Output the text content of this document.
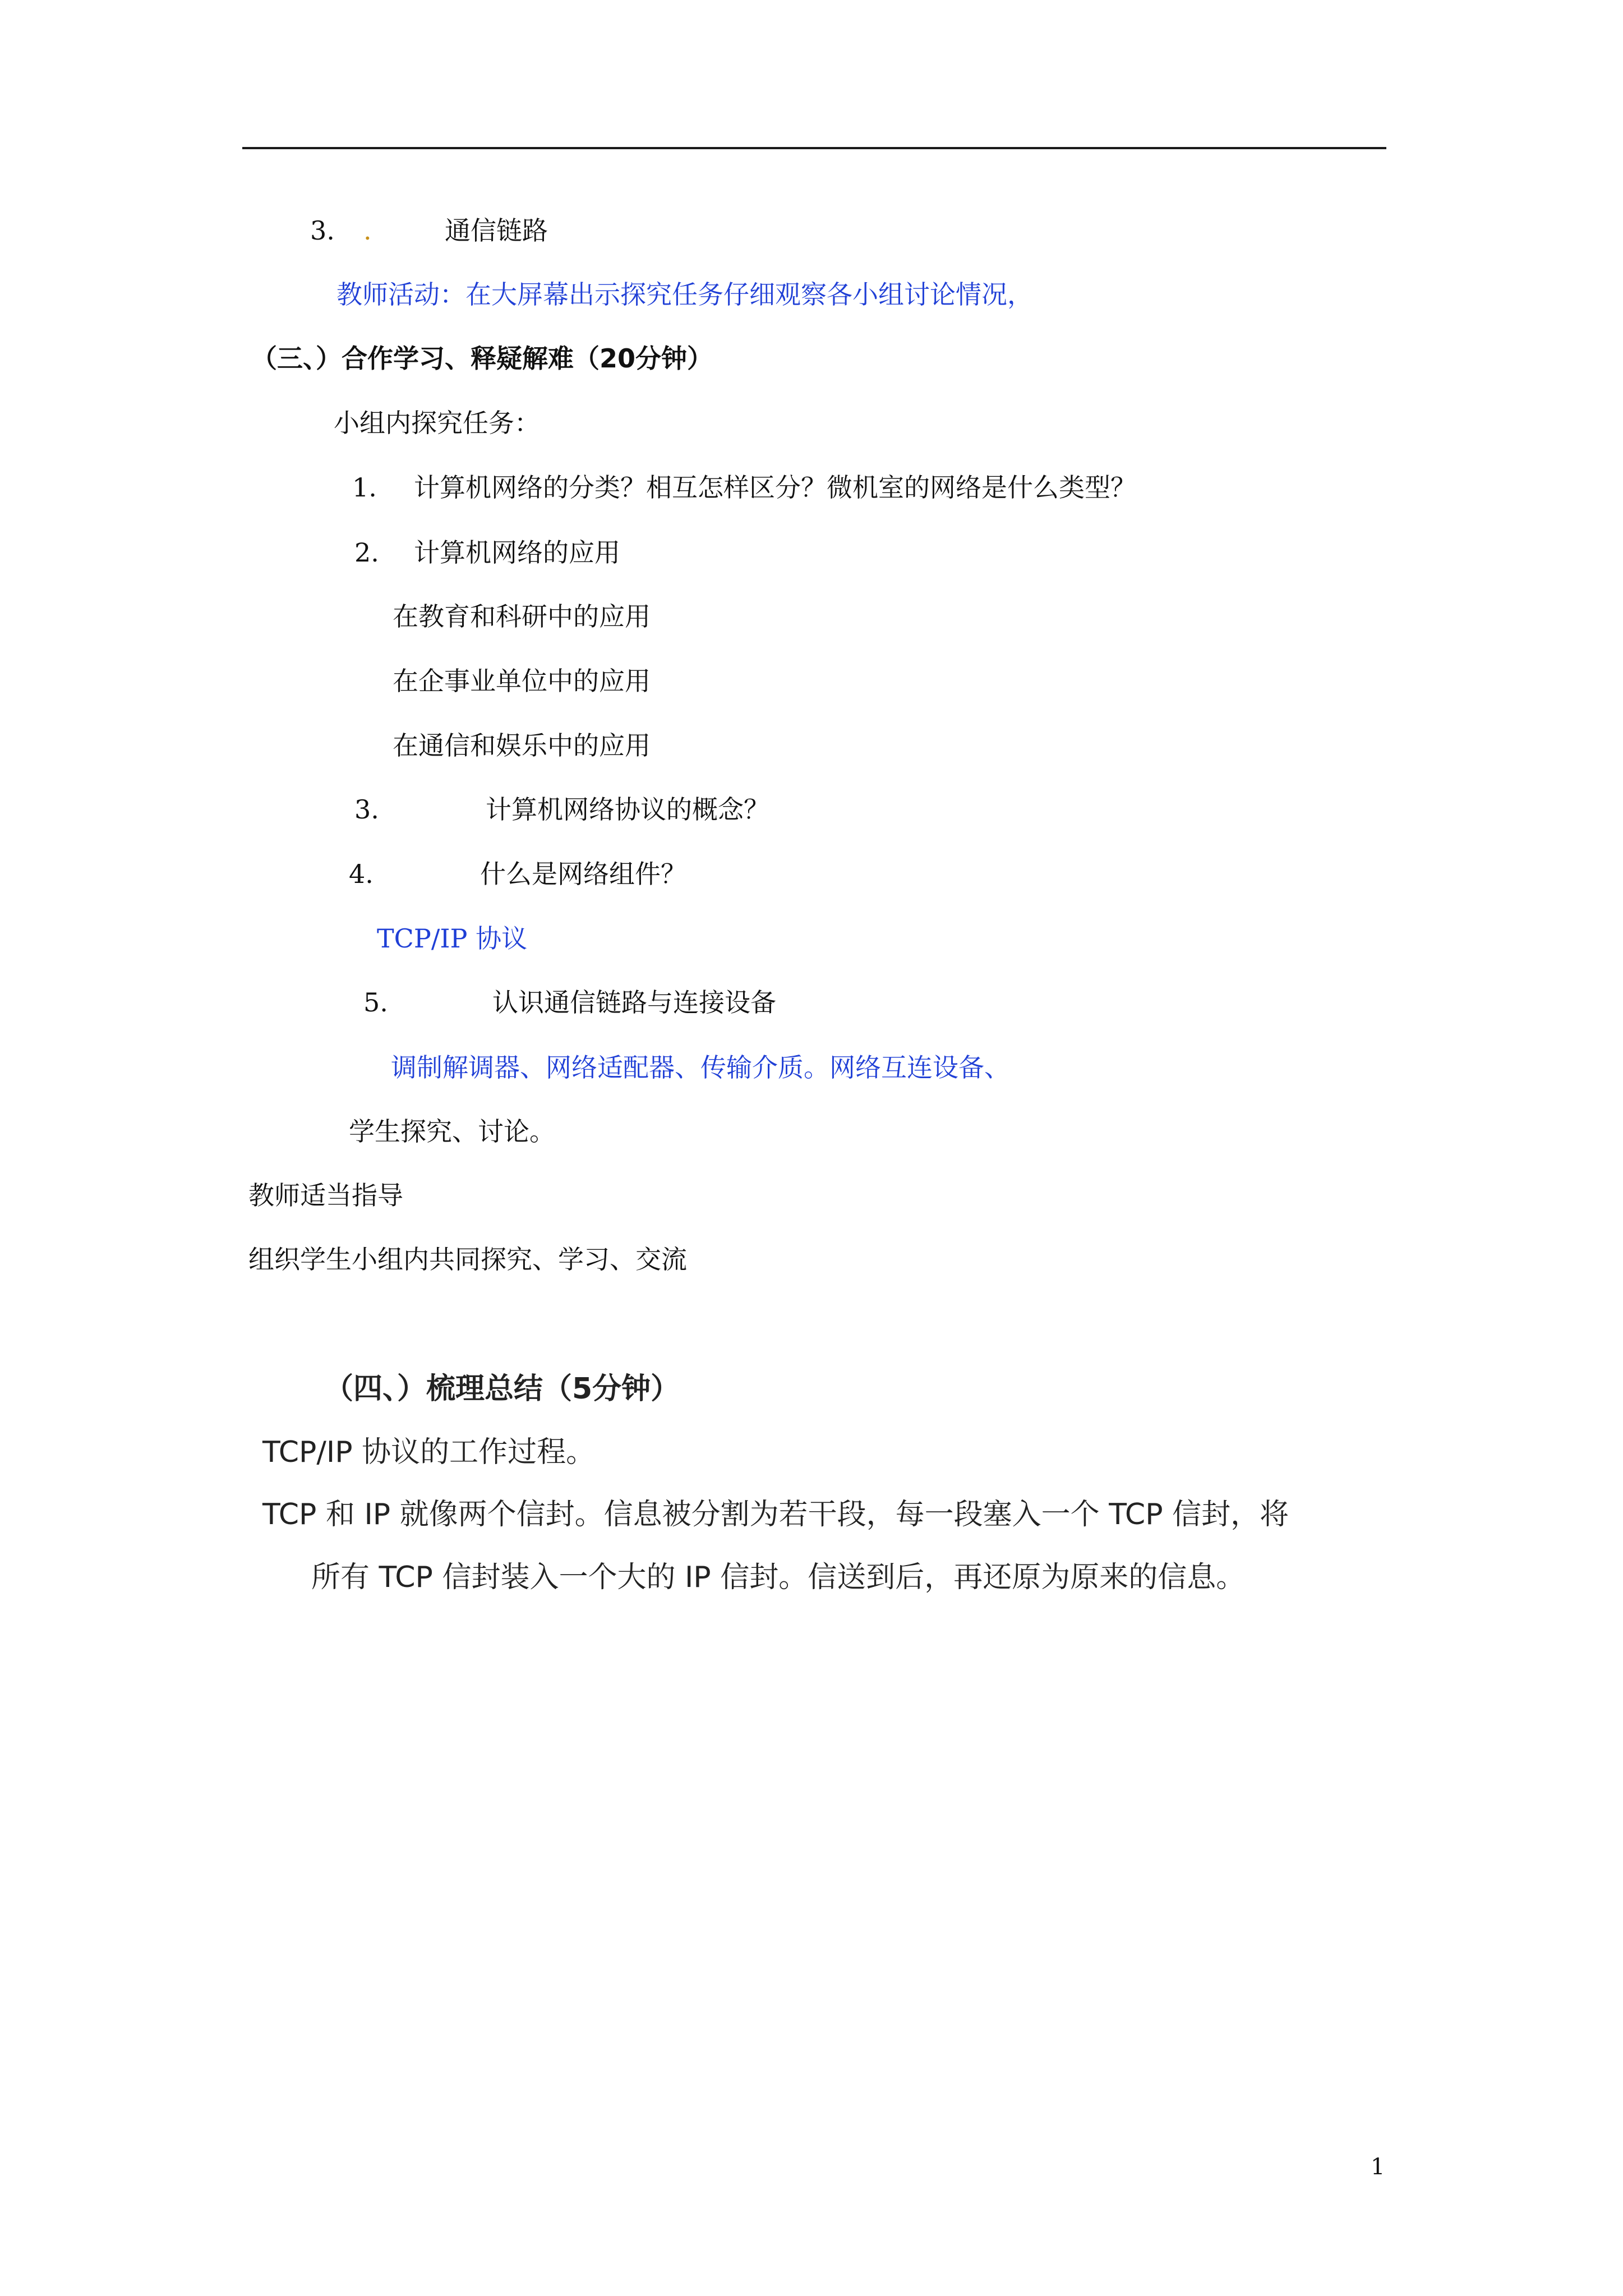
3. .	通信链路
教师活动：在大屏幕出示探究任务仔细观察各小组讨论情况，
（三、）合作学习、释疑解难（20分钟）
小组内探究任务：
1. 计算机网络的分类？相互怎样区分？微机室的网络是什么类型？
2. 计算机网络的应用
在教育和科研中的应用
在企事业单位中的应用
在通信和娱乐中的应用
3.	计算机网络协议的概念？
4.	什么是网络组件？
TCP/IP 协议
5.	认识通信链路与连接设备
调制解调器、网络适配器、传输介质。网络互连设备、
学生探究、讨论。
教师适当指导
组织学生小组内共同探究、学习、交流
（四、）梳理总结（5分钟）
TCP/IP 协议的工作过程。
TCP 和 IP 就像两个信封。信息被分割为若干段，每一段塞入一个 TCP 信封，将
所有 TCP 信封装入一个大的 IP 信封。信送到后，再还原为原来的信息。
1
